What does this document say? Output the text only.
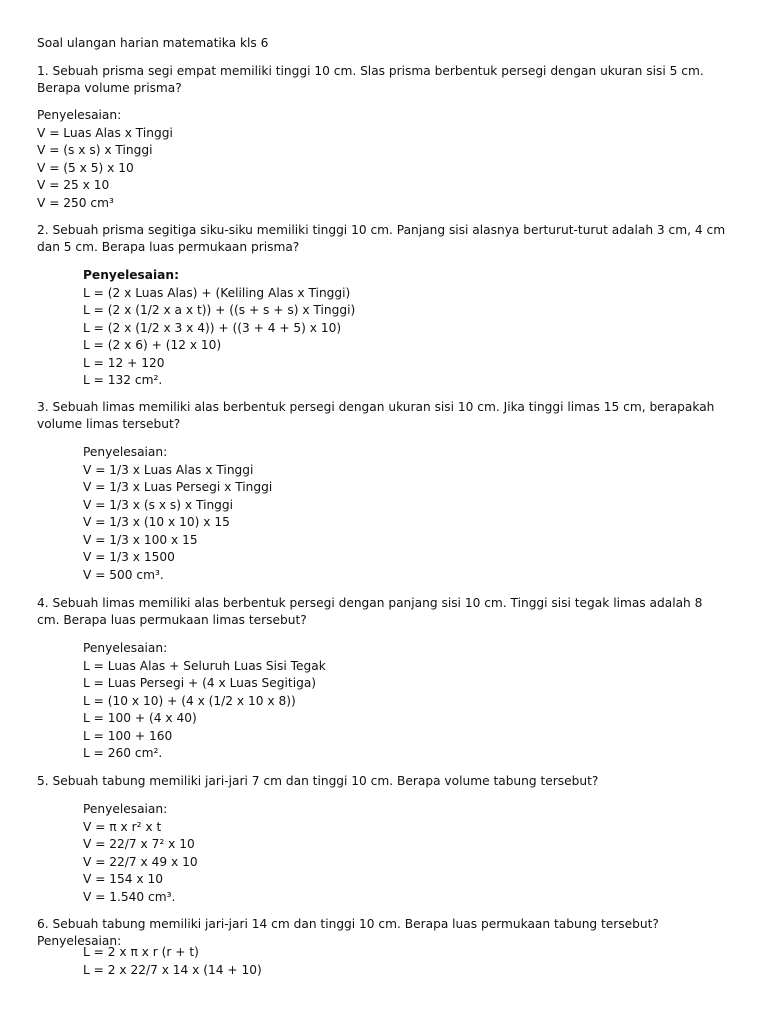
Soal ulangan harian matematika kls 6
1. Sebuah prisma segi empat memiliki tinggi 10 cm. Slas prisma berbentuk persegi dengan ukuran sisi 5 cm. Berapa volume prisma?
Penyelesaian:
V = Luas Alas x Tinggi
V = (s x s) x Tinggi
V = (5 x 5) x 10
V = 25 x 10
V = 250 cm³
2. Sebuah prisma segitiga siku-siku memiliki tinggi 10 cm. Panjang sisi alasnya berturut-turut adalah 3 cm, 4 cm dan 5 cm. Berapa luas permukaan prisma?
Penyelesaian:
L = (2 x Luas Alas) + (Keliling Alas x Tinggi)
L = (2 x (1/2 x a x t)) + ((s + s + s) x Tinggi)
L = (2 x (1/2 x 3 x 4)) + ((3 + 4 + 5) x 10)
L = (2 x 6) + (12 x 10)
L = 12 + 120
L = 132 cm².
3. Sebuah limas memiliki alas berbentuk persegi dengan ukuran sisi 10 cm. Jika tinggi limas 15 cm, berapakah volume limas tersebut?
Penyelesaian:
V = 1/3 x Luas Alas x Tinggi
V = 1/3 x Luas Persegi x Tinggi
V = 1/3 x (s x s) x Tinggi
V = 1/3 x (10 x 10) x 15
V = 1/3 x 100 x 15
V = 1/3 x 1500
V = 500 cm³.
4. Sebuah limas memiliki alas berbentuk persegi dengan panjang sisi 10 cm. Tinggi sisi tegak limas adalah 8 cm. Berapa luas permukaan limas tersebut?
Penyelesaian:
L = Luas Alas + Seluruh Luas Sisi Tegak
L = Luas Persegi + (4 x Luas Segitiga)
L = (10 x 10) + (4 x (1/2 x 10 x 8))
L = 100 + (4 x 40)
L = 100 + 160
L = 260 cm².
5. Sebuah tabung memiliki jari-jari 7 cm dan tinggi 10 cm. Berapa volume tabung tersebut?
Penyelesaian:
V = π x r² x t
V = 22/7 x 7² x 10
V = 22/7 x 49 x 10
V = 154 x 10
V = 1.540 cm³.
6. Sebuah tabung memiliki jari-jari 14 cm dan tinggi 10 cm. Berapa luas permukaan tabung tersebut? Penyelesaian:
L = 2 x π x r (r + t)
L = 2 x 22/7 x 14 x (14 + 10)
